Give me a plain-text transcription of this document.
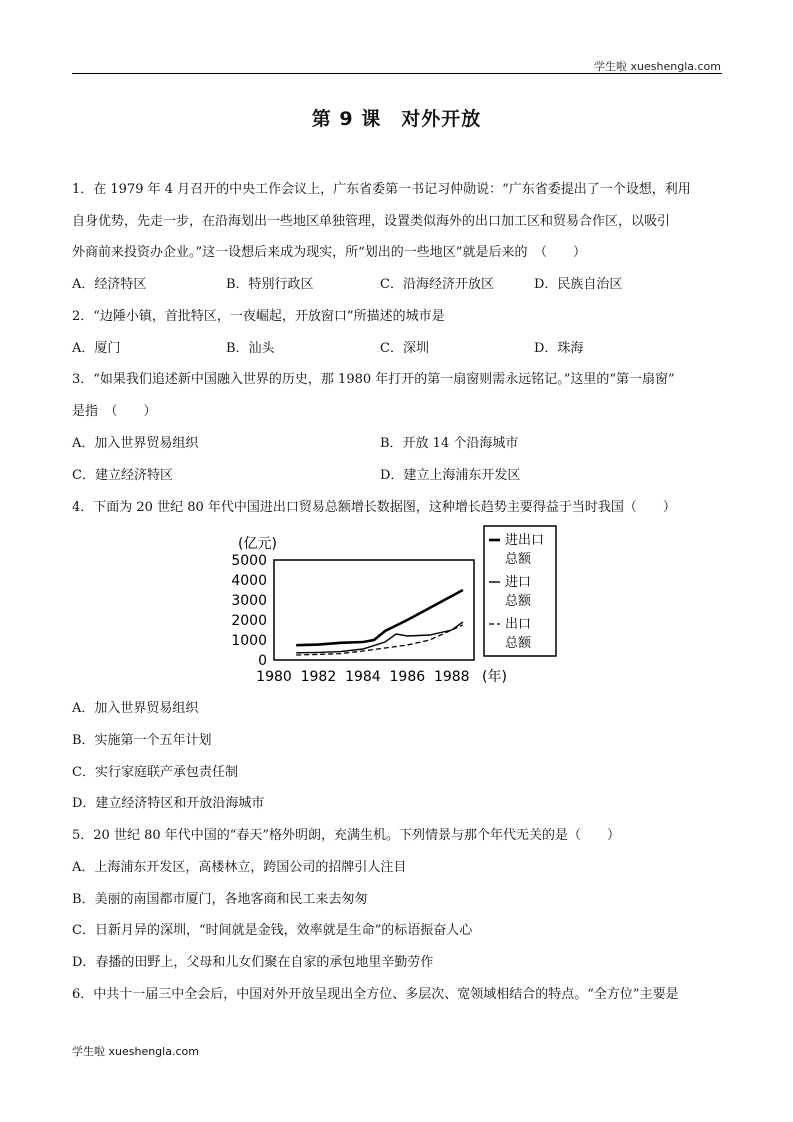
学生啦 xueshengla.com
第 9 课　对外开放
1．在 1979 年 4 月召开的中央工作会议上，广东省委第一书记习仲勋说：“广东省委提出了一个设想，利用
自身优势，先走一步，在沿海划出一些地区单独管理，设置类似海外的出口加工区和贸易合作区，以吸引
外商前来投资办企业。”这一设想后来成为现实，所“划出的一些地区”就是后来的　（　　）
A．经济特区	B．特别行政区	C．沿海经济开放区	D．民族自治区
2．“边陲小镇，首批特区，一夜崛起，开放窗口”所描述的城市是
A．厦门	B．汕头	C．深圳	D．珠海
3．“如果我们追述新中国融入世界的历史，那 1980 年打开的第一扇窗则需永远铭记。”这里的“第一扇窗”
是指　（　　）
A．加入世界贸易组织	B．开放 14 个沿海城市
C．建立经济特区	D．建立上海浦东开发区
4．下面为 20 世纪 80 年代中国进出口贸易总额增长数据图，这种增长趋势主要得益于当时我国（　　）
(亿元)
5000
4000
3000
2000
1000
0
1980 1982 1984 1986 1988 (年)
进出口
总额
进口
总额
出口
总额
A．加入世界贸易组织
B．实施第一个五年计划
C．实行家庭联产承包责任制
D．建立经济特区和开放沿海城市
5．20 世纪 80 年代中国的“春天”格外明朗，充满生机。下列情景与那个年代无关的是（　　）
A．上海浦东开发区，高楼林立，跨国公司的招牌引人注目
B．美丽的南国都市厦门，各地客商和民工来去匆匆
C．日新月异的深圳，“时间就是金钱，效率就是生命”的标语振奋人心
D．春播的田野上，父母和儿女们聚在自家的承包地里辛勤劳作
6．中共十一届三中全会后，中国对外开放呈现出全方位、多层次、宽领域相结合的特点。“全方位”主要是
学生啦 xueshengla.com
